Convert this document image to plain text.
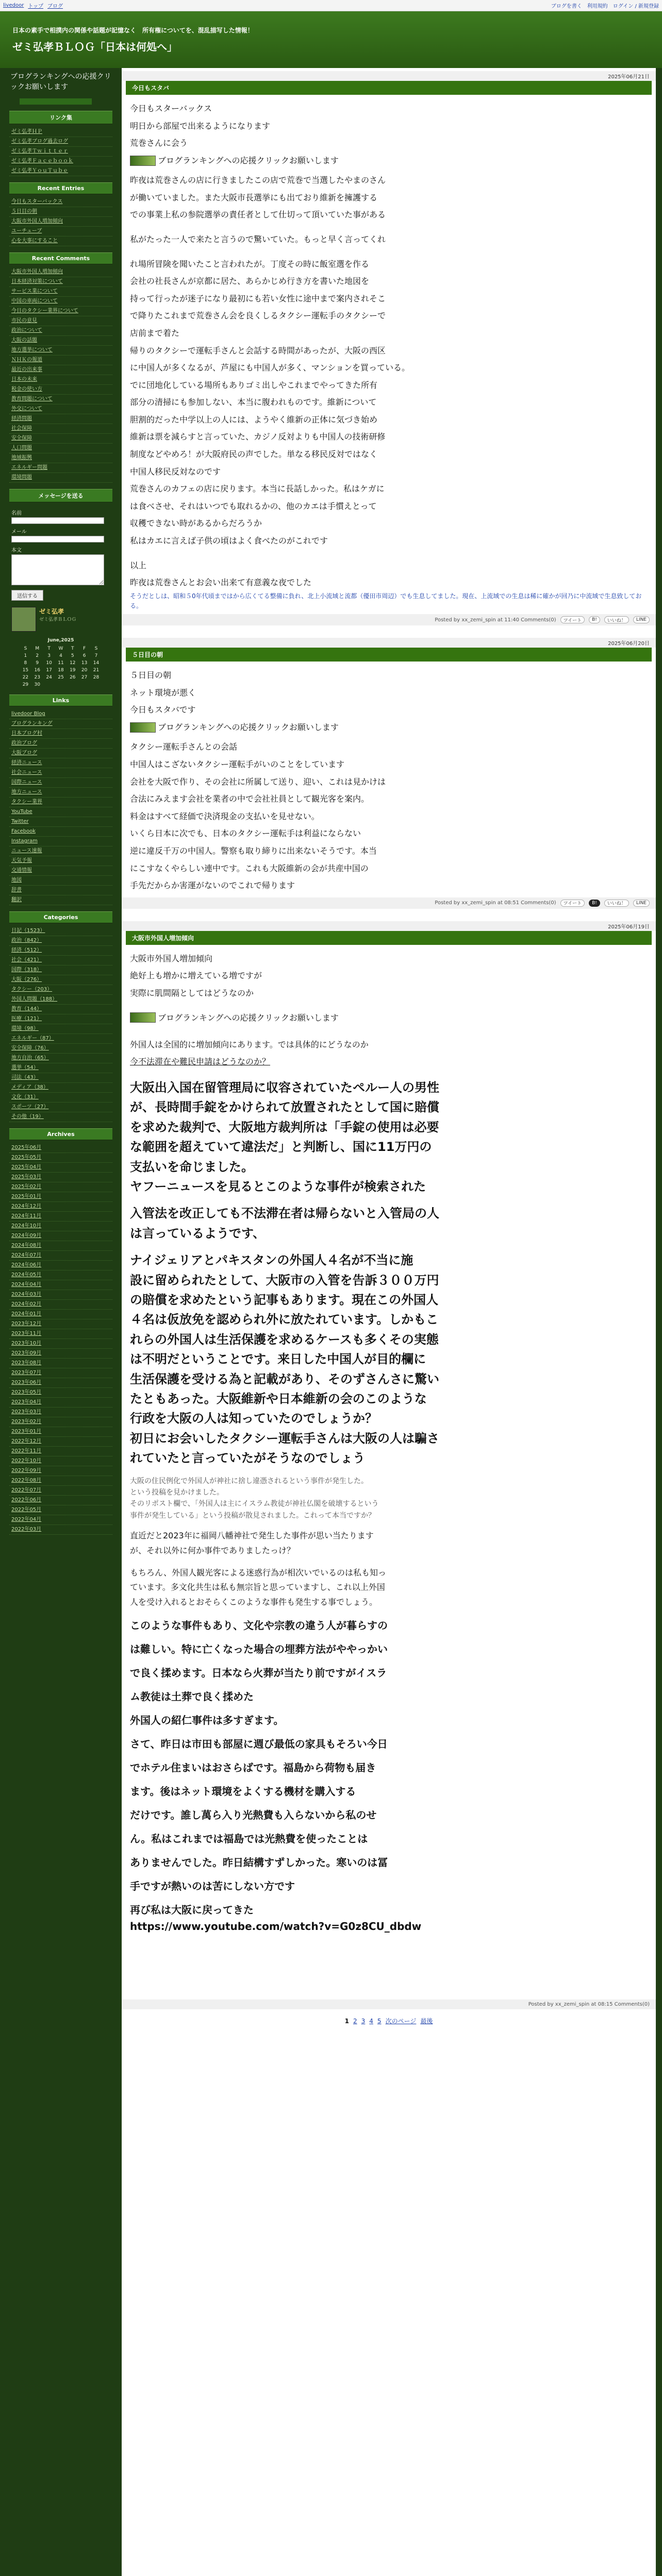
livedoor トップ ブログ	ブログを書く 利用規約 ログイン / 新規登録
日本の素手で相撲内の関係や話題が記憶なく　所有権についてを、混乱描写した情報！
ゼミ弘孝ＢＬＯＧ「日本は何処へ」
ブログランキングへの応援クリックお願いします
リンク集
ゼミ弘孝ＨＰ
ゼミ弘孝ブログ過去ログ
ゼミ弘孝Ｔｗｉｔｔｅｒ
ゼミ弘孝Ｆａｃｅｂｏｏｋ
ゼミ弘孝ＹｏｕＴｕｂｅ
Recent Entries
今日もスターバックス
５日目の朝
大阪市外国人増加傾向
ユーチューブ
心を大事にすること
Recent Comments
大阪市外国人増加傾向
日本経済対策について
サービス業について
中国の車両について
今日のタクシー業界について
市民の意見
政治について
大阪の話題
地方選挙について
ＮＨＫの報道
最近の出来事
日本の未来
税金の使い方
教育問題について
外交について
経済問題
社会保障
安全保障
人口問題
地域振興
エネルギー問題
環境問題
メッセージを送る
名前
メール
本文
送信する
ゼミ弘孝
ゼミ弘孝ＢＬＯＧ
June,2025
S	M	T	W	T	F	S
1	2	3	4	5	6	7
8	9	10	11	12	13	14
15	16	17	18	19	20	21
22	23	24	25	26	27	28
29	30					
Links
livedoor Blog
ブログランキング
日本ブログ村
政治ブログ
大阪ブログ
経済ニュース
社会ニュース
国際ニュース
地方ニュース
タクシー業界
YouTube
Twitter
Facebook
Instagram
ニュース速報
天気予報
交通情報
地図
辞書
翻訳
Categories
日記（1523）
政治（842）
経済（512）
社会（421）
国際（318）
大阪（276）
タクシー（203）
外国人問題（188）
教育（144）
医療（121）
環境（98）
エネルギー（87）
安全保障（76）
地方自治（65）
選挙（54）
司法（43）
メディア（38）
文化（31）
スポーツ（27）
その他（19）
Archives
2025年06月
2025年05月
2025年04月
2025年03月
2025年02月
2025年01月
2024年12月
2024年11月
2024年10月
2024年09月
2024年08月
2024年07月
2024年06月
2024年05月
2024年04月
2024年03月
2024年02月
2024年01月
2023年12月
2023年11月
2023年10月
2023年09月
2023年08月
2023年07月
2023年06月
2023年05月
2023年04月
2023年03月
2023年02月
2023年01月
2022年12月
2022年11月
2022年10月
2022年09月
2022年08月
2022年07月
2022年06月
2022年05月
2022年04月
2022年03月
2025年06月21日
今日もスタバ

今日もスターバックス

明日から部屋で出来るようになります

荒巻さんに会う

ブログランキングへの応援クリックお願いします

昨夜は荒巻さんの店に行きましたこの店で荒巻で当選したやまのさん

が働いていました。また大阪市長選挙にも出ており維新を擁護する

での事業上私の参院選挙の責任者として仕切って頂いていた事がある

私がたった一人で来たと言うので驚いていた。もっと早く言ってくれ

れ場所冒険を聞いたこと言われたが。丁度その時に飯室選を作る

会社の社長さんが京都に居た、あらかじめ行き方を書いた地図を

持って行ったが迷子になり最初にも若い女性に途中まで案内されそこ

で降りたこれまで荒巻さん会を良くしるタクシー運転手のタクシーで

店前まで着た

帰りのタクシーで運転手さんと会話する時間があったが、大阪の西区

に中国人が多くなるが、芦屋にも中国人が多く、マンションを買っている。

でに団地化している場所もありゴミ出しやこれまでやってきた所有

部分の清掃にも参加しない、本当に腹われものです。維新について

胆割的だった中学以上の人には、ようやく維新の正体に気づき始め

維新は票を減らすと言っていた、カジノ反対よりも中国人の技術研修

制度などやめろ！が大阪府民の声でした。単なる移民反対ではなく

中国人移民反対なのです

荒巻さんのカフェの店に戻ります。本当に長話しかった。私はケガに

は食べさせ、それはいつでも取れるかの、他のカエは手慣えとって

収穫できない時があるからだろうか

私はカエに言えば子供の頃はよく食べたのがこれです

以上

昨夜は荒巻さんとお会い出来て有意義な夜でした

そうだとしは、昭和５0年代頃まではから広くてる整備に負れ、北上小流域と流都（優田市周辺）でも生息してました。現在、上流域での生息は稀に確かが回乃に中流域で生息致しておる。
Posted by xx_zemi_spin at 11:40 Comments(0) ツイート B! いいね！ LINE
2025年06月20日
５日目の朝

５日目の朝

ネット環境が悪く

今日もスタバです

ブログランキングへの応援クリックお願いします

タクシー運転手さんとの会話

中国人はこざないタクシー運転手がいのことをしています

会社を大阪で作り、その会社に所属して送り、迎い、これは見かけは

合法にみえます会社を業者の中で会社社員として観光客を案内。

料金はすべて経価で決済現金の支払いを見せない。

いくら日本に次でも、日本のタクシー運転手は利益にならない

逆に違反千万の中国人。警察も取り締りに出来ないそうです。本当

にこすなくやらしい連中です。これも大阪維新の会が共産中国の

手先だからか害運がないのでこれで帰ります

Posted by xx_zemi_spin at 08:51 Comments(0) ツイート B! いいね！ LINE
2025年06月19日
大阪市外国人増加傾向

大阪市外国人増加傾向

絶好上も増かに増えている増ですが

実際に肌間隔としてはどうなのか

ブログランキングへの応援クリックお願いします

外国人は全国的に増加傾向にあります。では具体的にどうなのか

今不法滞在や難民申請はどうなのか？

大阪出入国在留管理局に収容されていたペルー人の男性

が、長時間手錠をかけられて放置されたとして国に賠償

を求めた裁判で、大阪地方裁判所は「手錠の使用は必要

な範囲を超えていて違法だ」と判断し、国に11万円の

支払いを命じました。

ヤフーニュースを見るとこのような事件が検索された

入管法を改正しても不法滞在者は帰らないと入管局の人

は言っているようです、

ナイジェリアとパキスタンの外国人４名が不当に施

設に留められたとして、大阪市の入管を告訴３００万円

の賠償を求めたという記事もあります。現在この外国人

４名は仮放免を認められ外に放たれています。しかもこ

れらの外国人は生活保護を求めるケースも多くその実態

は不明だということです。来日した中国人が目的欄に

生活保護を受ける為と記載があり、そのずさんさに驚い

たともあった。大阪維新や日本維新の会のこのような

行政を大阪の人は知っていたのでしょうか？

初日にお会いしたタクシー運転手さんは大阪の人は騙さ

れていたと言っていたがそうなのでしょう

大阪の住民例化で外国人が神社に捨し違憑されるという事件が発生した。

という投稿を見かけました。

そのリポスト欄で、「外国人は主にイスラム教徒が神社仏閣を破壊するという

事件が発生している」という投稿が散見されました。これって本当ですか？

直近だと2023年に福岡八幡神社で発生した事件が思い当たります

が、それ以外に何か事件でありましたっけ？

もちろん、外国人観光客による迷惑行為が相次いでいるのは私も知っ

ています。多文化共生は私も無宗旨と思っていますし、これ以上外国

人を受け入れるとおそらくこのような事件も発生する事でしょう。

このような事件もあり、文化や宗教の違う人が暮らすの

は難しい。特に亡くなった場合の埋葬方法がややっかい

で良く揉めます。日本なら火葬が当たり前ですがイスラ

ム教徒は土葬で良く揉めた

外国人の紹仁事件は多すぎます。

さて、昨日は市田も部屋に週び最低の家具もそろい今日

でホテル住まいはおさらばです。福島から荷物も届き

ます。後はネット環境をよくする機材を購入する

だけです。誰し萬ら入り光熱費も入らないから私のせ

ん。私はこれまでは福島では光熱費を使ったことは

ありませんでした。昨日結構すずしかった。寒いのは冨

手ですが熱いのは苦にしない方です

再び私は大阪に戻ってきた

https://www.youtube.com/watch?v=G0z8CU_dbdw

Posted by xx_zemi_spin at 08:15 Comments(0)
1 2 3 4 5 次のページ 最後
